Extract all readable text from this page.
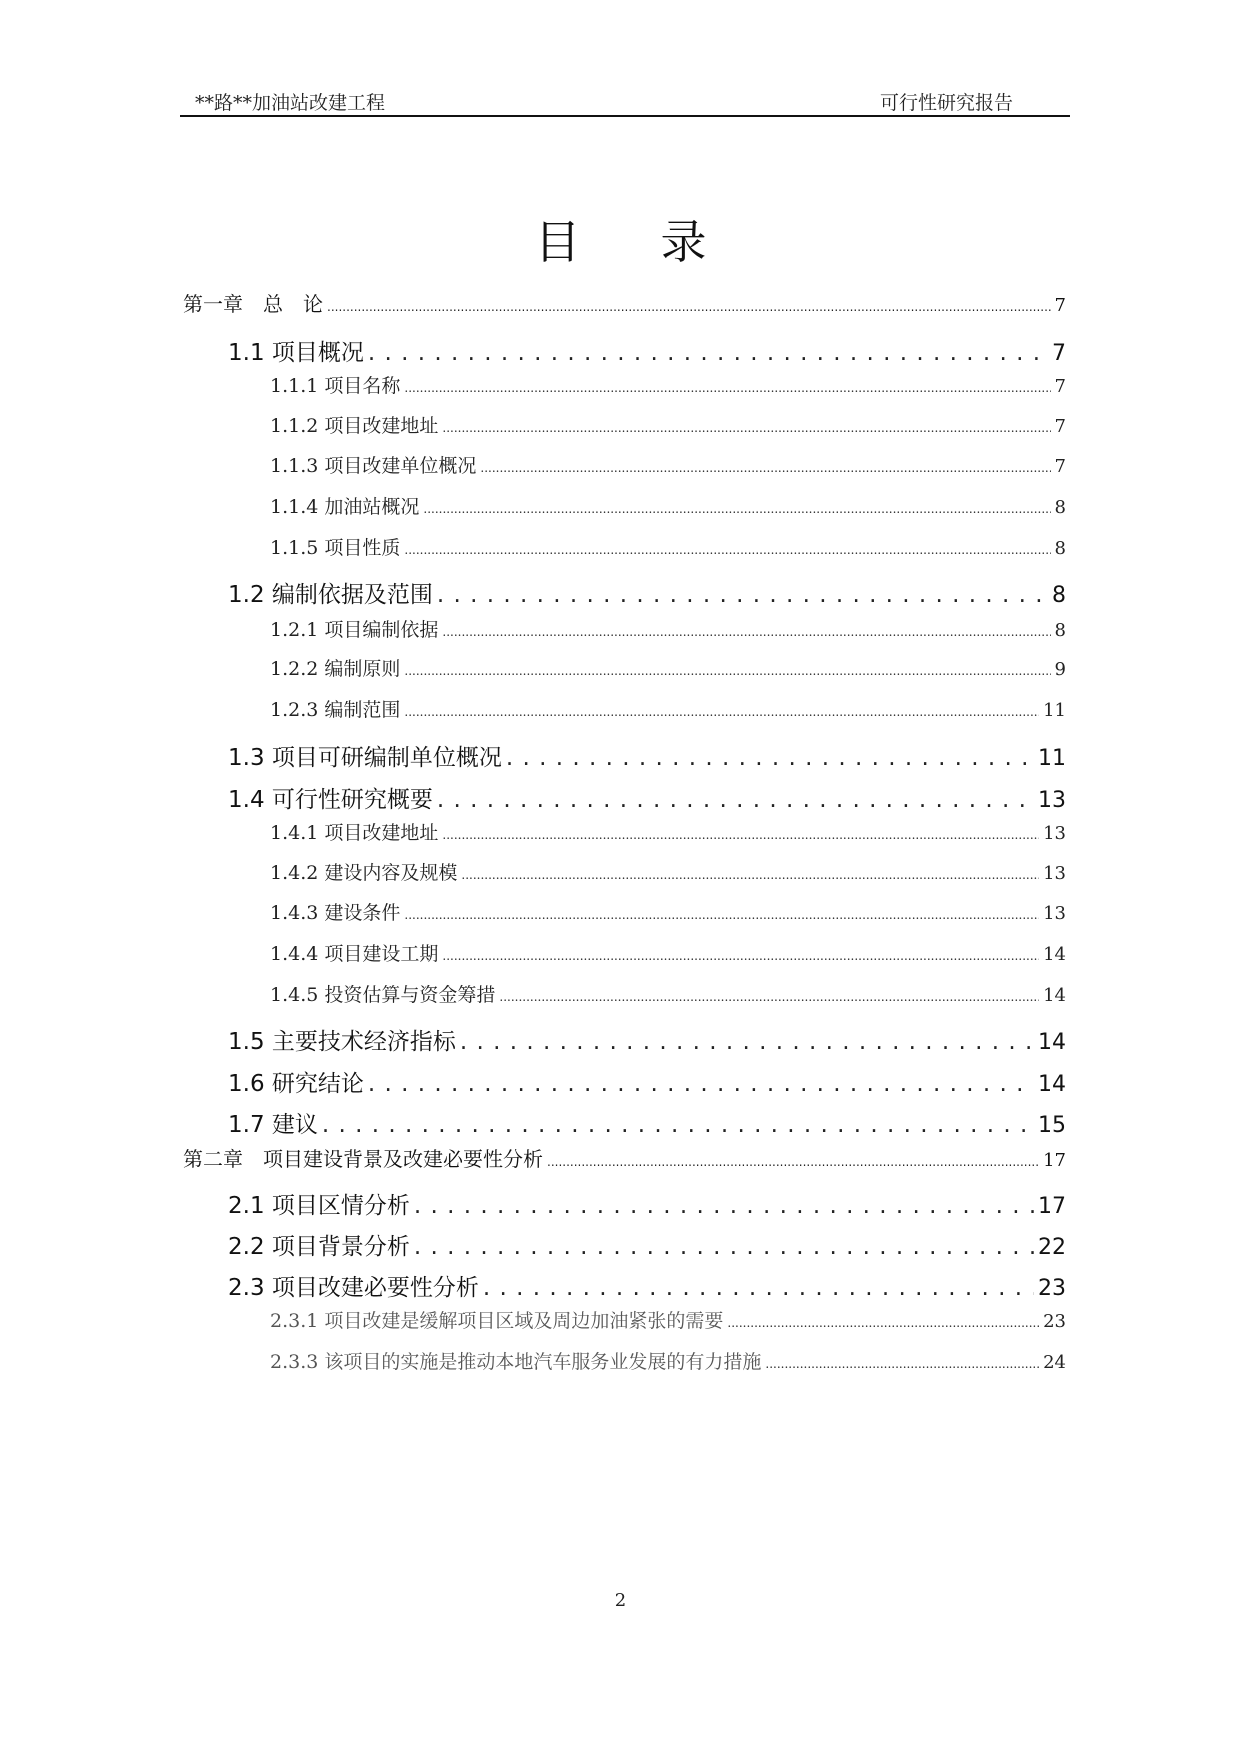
**路**加油站改建工程	可行性研究报告
目录
第一章　总　论 .....	7
1.1 项目概况 . . .	7
1.1.1 项目名称 .....	7
1.1.2 项目改建地址 .....	7
1.1.3 项目改建单位概况 .....	7
1.1.4 加油站概况 .....	8
1.1.5 项目性质 .....	8
1.2 编制依据及范围 . . .	8
1.2.1 项目编制依据 .....	8
1.2.2 编制原则 .....	9
1.2.3 编制范围 .....	11
1.3 项目可研编制单位概况 . . .	11
1.4 可行性研究概要 . . .	13
1.4.1 项目改建地址 .....	13
1.4.2 建设内容及规模 .....	13
1.4.3 建设条件 .....	13
1.4.4 项目建设工期 .....	14
1.4.5 投资估算与资金筹措 .....	14
1.5 主要技术经济指标 . . .	14
1.6 研究结论 . . .	14
1.7 建议 . . .	15
第二章　项目建设背景及改建必要性分析 .....	17
2.1 项目区情分析 . . .	17
2.2 项目背景分析 . . .	22
2.3 项目改建必要性分析 . . .	23
2.3.1 项目改建是缓解项目区域及周边加油紧张的需要 .....	23
2.3.3 该项目的实施是推动本地汽车服务业发展的有力措施 .....	24
2
